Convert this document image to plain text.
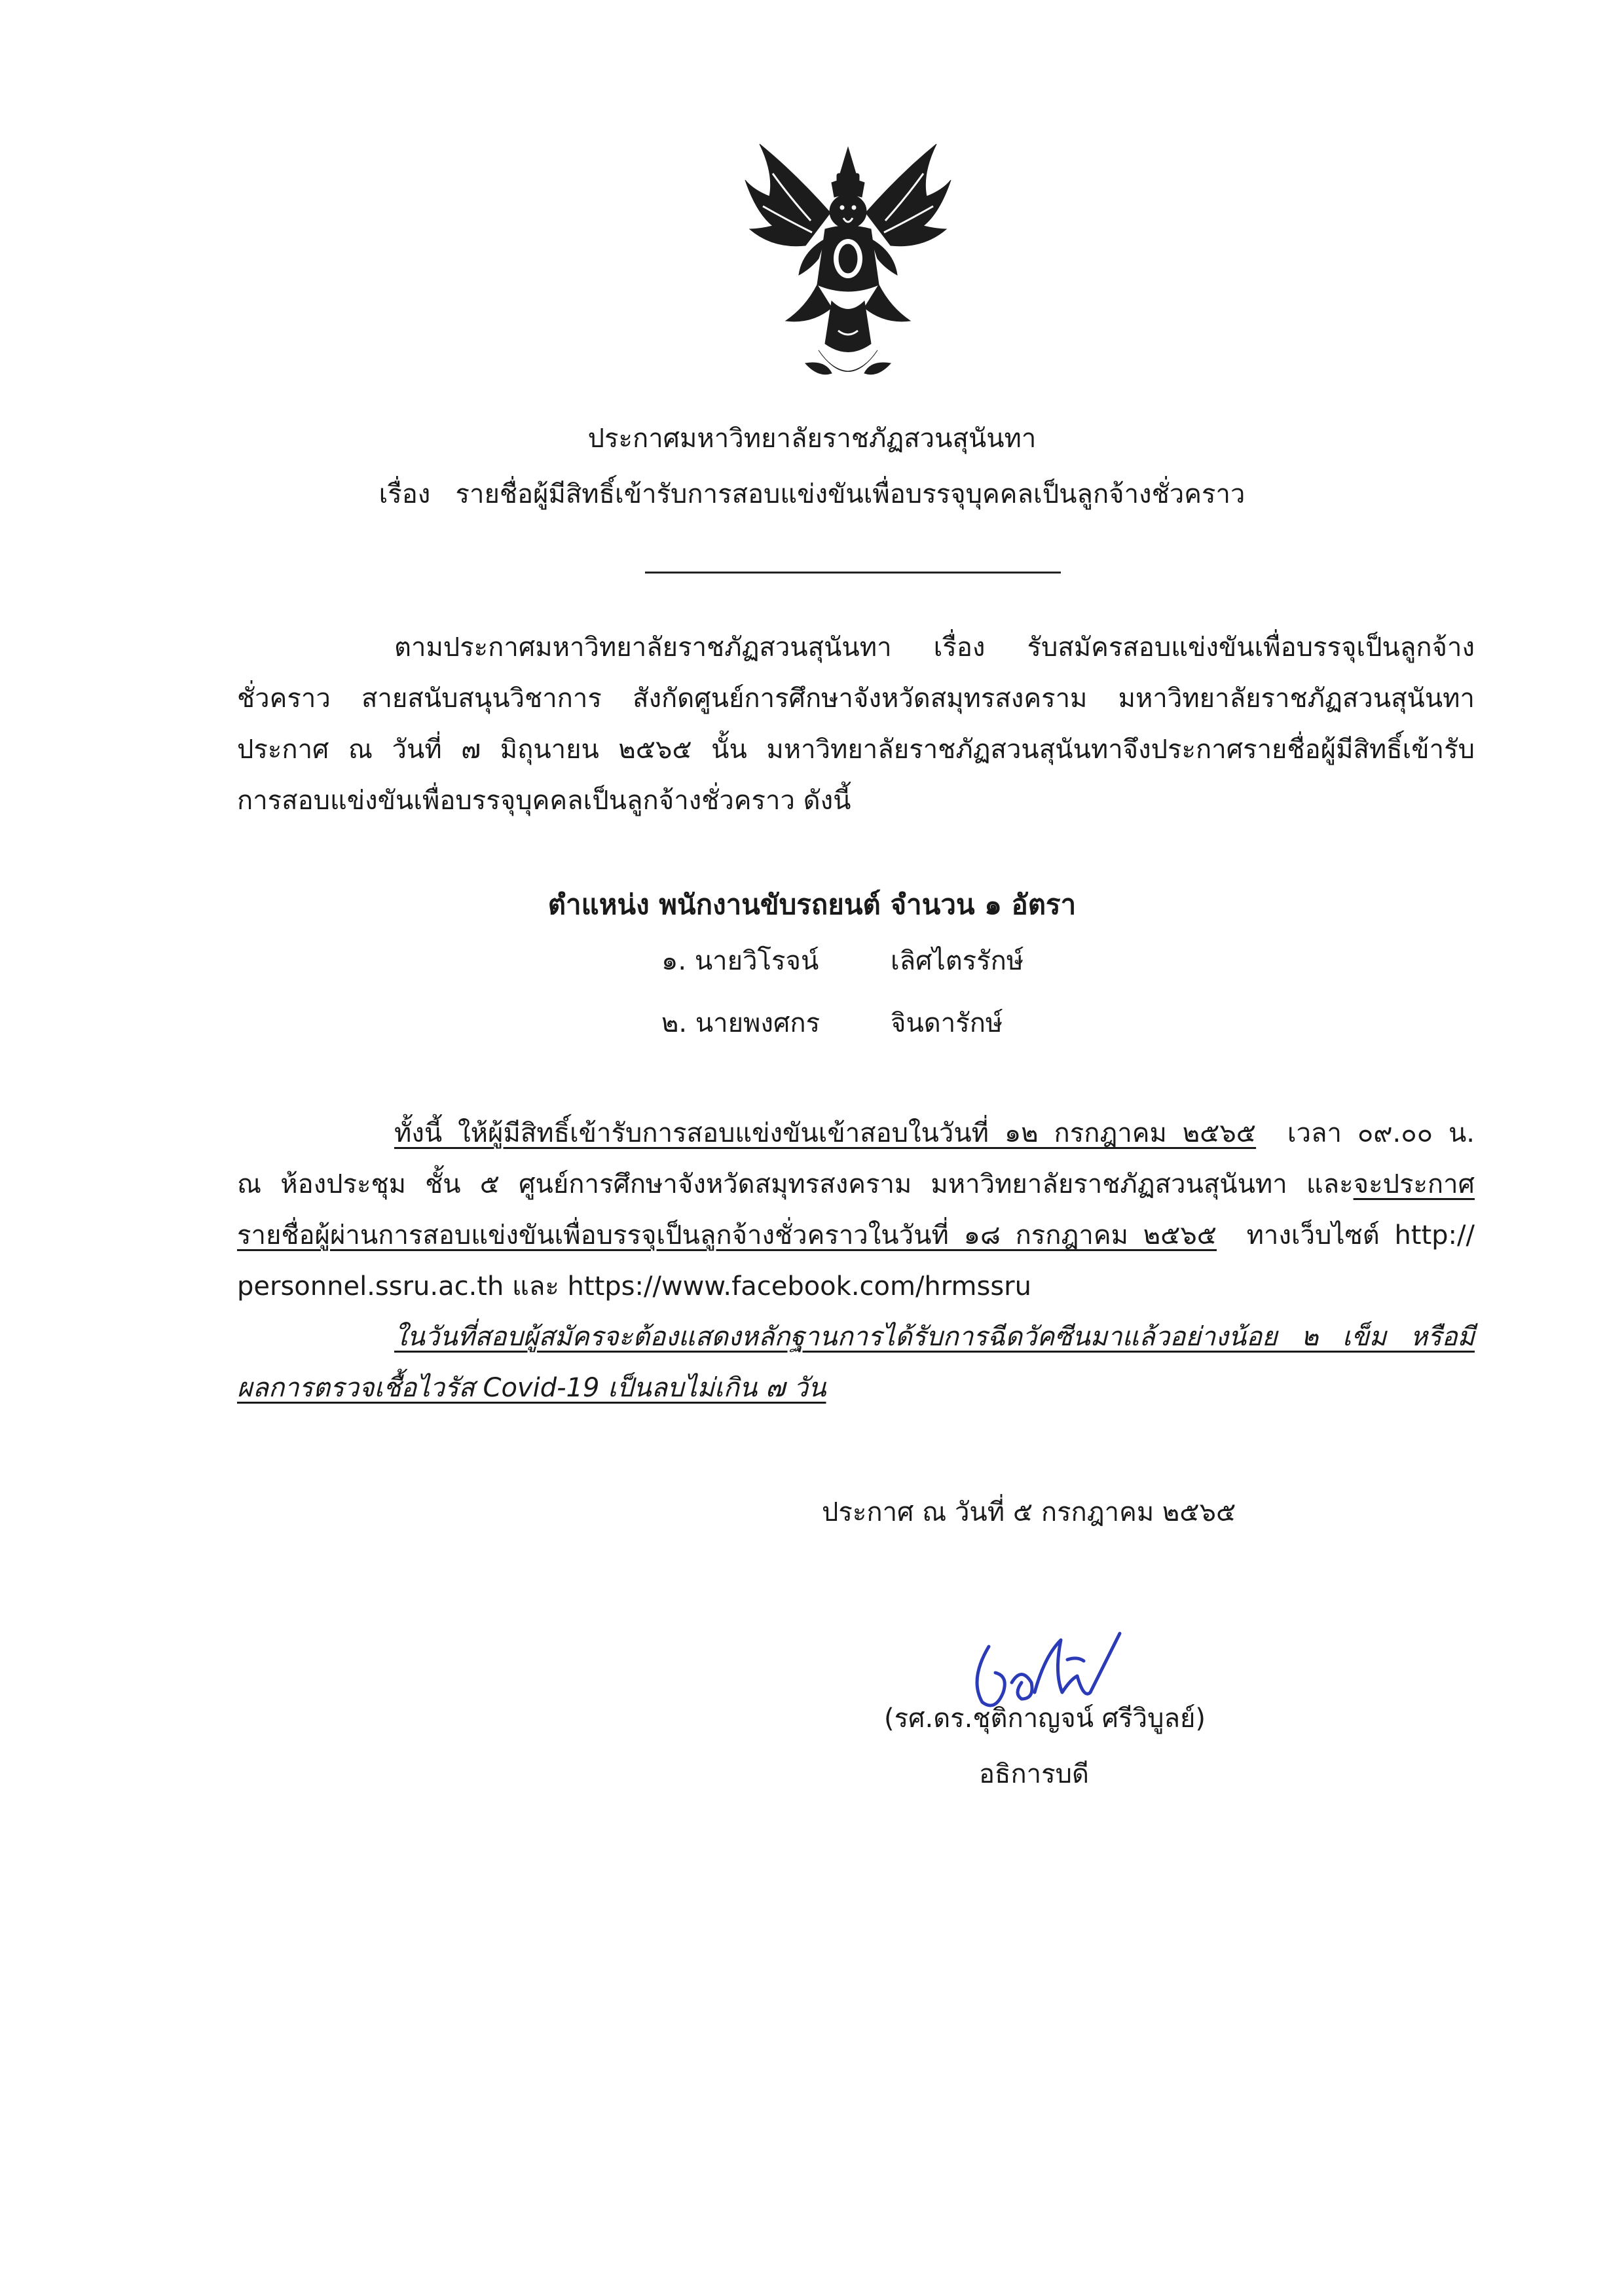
ประกาศมหาวิทยาลัยราชภัฏสวนสุนันทา
เรื่อง รายชื่อผู้มีสิทธิ์เข้ารับการสอบแข่งขันเพื่อบรรจุบุคคลเป็นลูกจ้างชั่วคราว
ตามประกาศมหาวิทยาลัยราชภัฏสวนสุนันทา เรื่อง รับสมัครสอบแข่งขันเพื่อบรรจุเป็นลูกจ้าง
ชั่วคราว สายสนับสนุนวิชาการ สังกัดศูนย์การศึกษาจังหวัดสมุทรสงคราม มหาวิทยาลัยราชภัฏสวนสุนันทา
ประกาศ ณ วันที่ ๗ มิถุนายน ๒๕๖๕ นั้น มหาวิทยาลัยราชภัฏสวนสุนันทาจึงประกาศรายชื่อผู้มีสิทธิ์เข้ารับ
การสอบแข่งขันเพื่อบรรจุบุคคลเป็นลูกจ้างชั่วคราว ดังนี้
ตำแหน่ง พนักงานขับรถยนต์ จำนวน ๑ อัตรา
๑. นายวิโรจน์	เลิศไตรรักษ์
๒. นายพงศกร	จินดารักษ์
ทั้งนี้ ให้ผู้มีสิทธิ์เข้ารับการสอบแข่งขันเข้าสอบในวันที่ ๑๒ กรกฎาคม ๒๕๖๕ เวลา ๐๙.๐๐ น.
ณ ห้องประชุม ชั้น ๕ ศูนย์การศึกษาจังหวัดสมุทรสงคราม มหาวิทยาลัยราชภัฏสวนสุนันทา และจะประกาศ
รายชื่อผู้ผ่านการสอบแข่งขันเพื่อบรรจุเป็นลูกจ้างชั่วคราวในวันที่ ๑๘ กรกฎาคม ๒๕๖๕ ทางเว็บไซต์ http://
personnel.ssru.ac.th และ https://www.facebook.com/hrmssru
ในวันที่สอบผู้สมัครจะต้องแสดงหลักฐานการได้รับการฉีดวัคซีนมาแล้วอย่างน้อย ๒ เข็ม หรือมี
ผลการตรวจเชื้อไวรัส Covid-19 เป็นลบไม่เกิน ๗ วัน
ประกาศ ณ วันที่ ๕ กรกฎาคม ๒๕๖๕
(รศ.ดร.ชุติกาญจน์ ศรีวิบูลย์)
อธิการบดี
